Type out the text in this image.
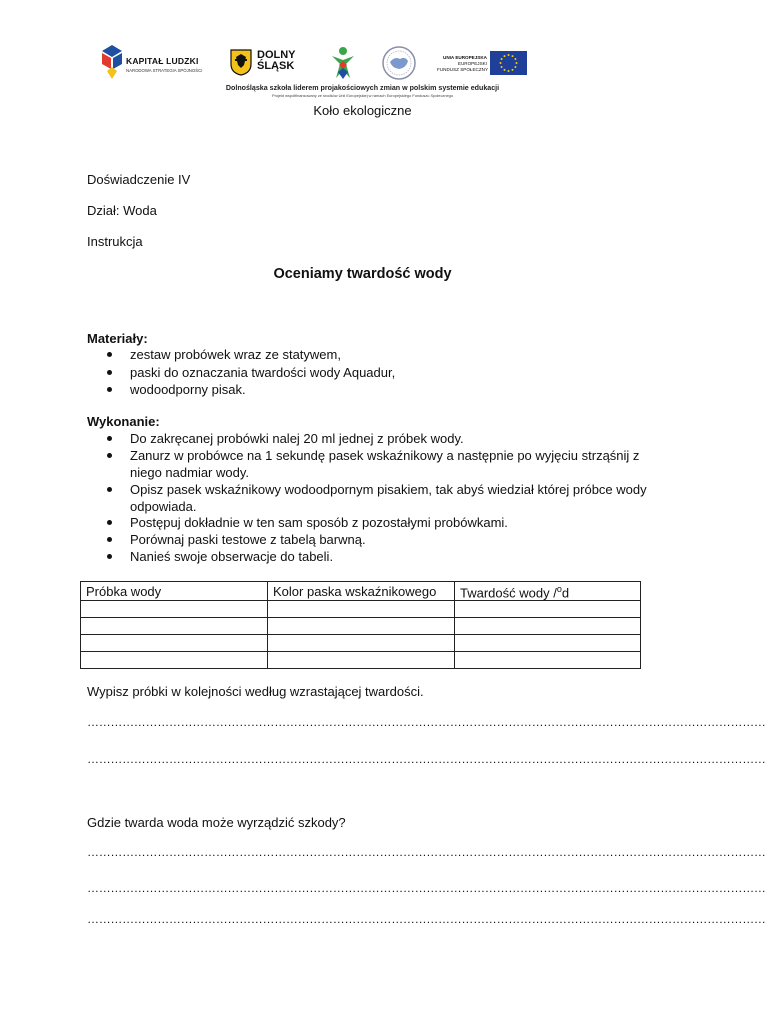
KAPITAŁ LUDZKI
NARODOWA STRATEGIA SPÓJNOŚCI
DOLNY
ŚLĄSK
UNIA EUROPEJSKA
EUROPEJSKI
FUNDUSZ SPOŁECZNY
Dolnośląska szkoła liderem projakościowych zmian w polskim systemie edukacji
Projekt współfinansowany ze środków Unii Europejskiej w ramach Europejskiego Funduszu Społecznego
Koło ekologiczne
Doświadczenie IV
Dział: Woda
Instrukcja
Oceniamy twardość wody
Materiały:
zestaw probówek wraz ze statywem,
paski do oznaczania twardości wody Aquadur,
wodoodporny pisak.
Wykonanie:
Do zakręcanej probówki nalej 20 ml jednej z próbek wody.
Zanurz w probówce na 1 sekundę pasek wskaźnikowy a następnie po wyjęciu strząśnij z niego nadmiar wody.
Opisz pasek wskaźnikowy wodoodpornym pisakiem, tak abyś wiedział której próbce wody odpowiada.
Postępuj dokładnie w ten sam sposób z pozostałymi probówkami.
Porównaj paski testowe z tabelą barwną.
Nanieś swoje obserwacje do tabeli.
Próbka wody	Kolor paska wskaźnikowego	Twardość wody /$^o$d

Wypisz próbki w kolejności według wzrastającej twardości.
…………………………………………………………………………………………………………………………………………………………
…………………………………………………………………………………………………………………………………………………………
Gdzie twarda woda może wyrządzić szkody?
…………………………………………………………………………………………………………………………………………………………
…………………………………………………………………………………………………………………………………………………………
…………………………………………………………………………………………………………………………………………………………
